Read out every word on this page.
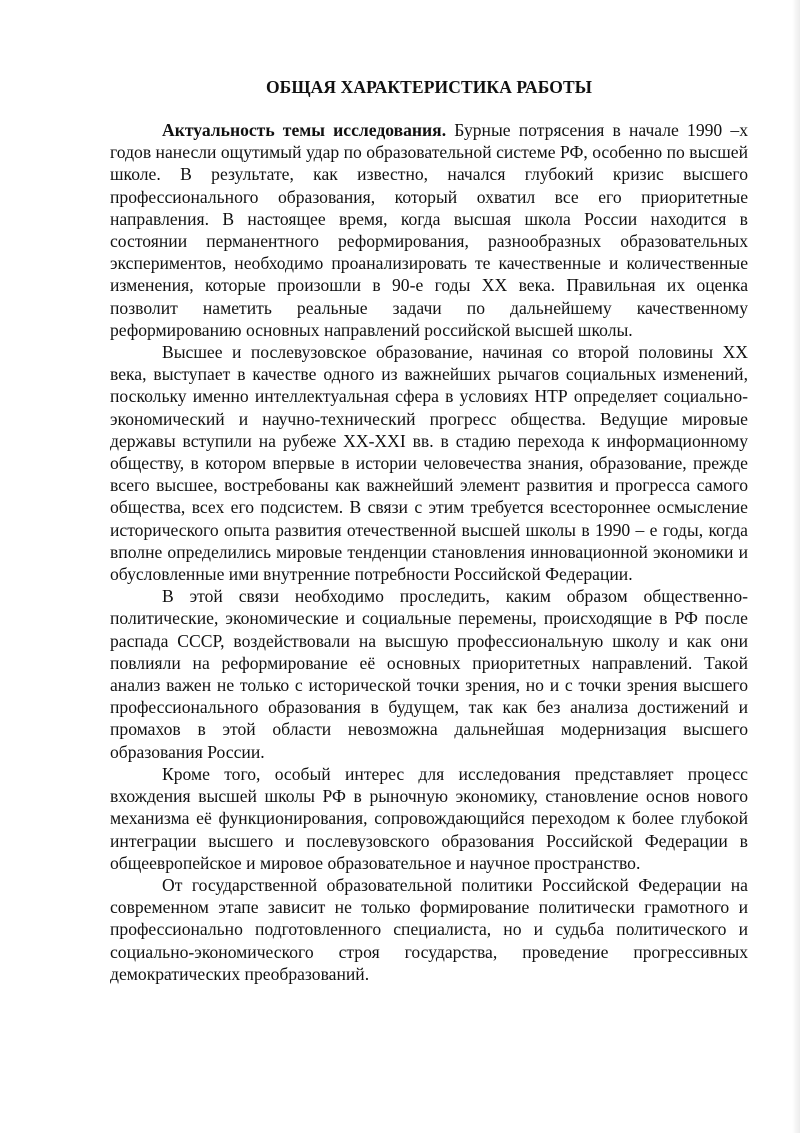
ОБЩАЯ ХАРАКТЕРИСТИКА РАБОТЫ

Актуальность темы исследования. Бурные потрясения в начале 1990 –х годов нанесли ощутимый удар по образовательной системе РФ, особенно по высшей школе. В результате, как известно, начался глубокий кризис высшего профессионального образования, который охватил все его приоритетные направления. В настоящее время, когда высшая школа России находится в состоянии перманентного реформирования, разнообразных образовательных экспериментов, необходимо проанализировать те качественные и количественные изменения, которые произошли в 90-е годы XX века. Правильная их оценка позволит наметить реальные задачи по дальнейшему качественному реформированию основных направлений российской высшей школы.

Высшее и послевузовское образование, начиная со второй половины XX века, выступает в качестве одного из важнейших рычагов социальных изменений, поскольку именно интеллектуальная сфера в условиях НТР определяет социально-экономический и научно-технический прогресс общества. Ведущие мировые державы вступили на рубеже XX-XXI вв. в стадию перехода к информационному обществу, в котором впервые в истории человечества знания, образование, прежде всего высшее, востребованы как важнейший элемент развития и прогресса самого общества, всех его подсистем. В связи с этим требуется всестороннее осмысление исторического опыта развития отечественной высшей школы в 1990 – е годы, когда вполне определились мировые тенденции становления инновационной экономики и обусловленные ими внутренние потребности Российской Федерации.

В этой связи необходимо проследить, каким образом общественно-политические, экономические и социальные перемены, происходящие в РФ после распада СССР, воздействовали на высшую профессиональную школу и как они повлияли на реформирование её основных приоритетных направлений. Такой анализ важен не только с исторической точки зрения, но и с точки зрения высшего профессионального образования в будущем, так как без анализа достижений и промахов в этой области невозможна дальнейшая модернизация высшего образования России.

Кроме того, особый интерес для исследования представляет процесс вхождения высшей школы РФ в рыночную экономику, становление основ нового механизма её функционирования, сопровождающийся переходом к более глубокой интеграции высшего и послевузовского образования Российской Федерации в общеевропейское и мировое образовательное и научное пространство.

От государственной образовательной политики Российской Федерации на современном этапе зависит не только формирование политически грамотного и профессионально подготовленного специалиста, но и судьба политического и социально-экономического строя государства, проведение прогрессивных демократических преобразований.
